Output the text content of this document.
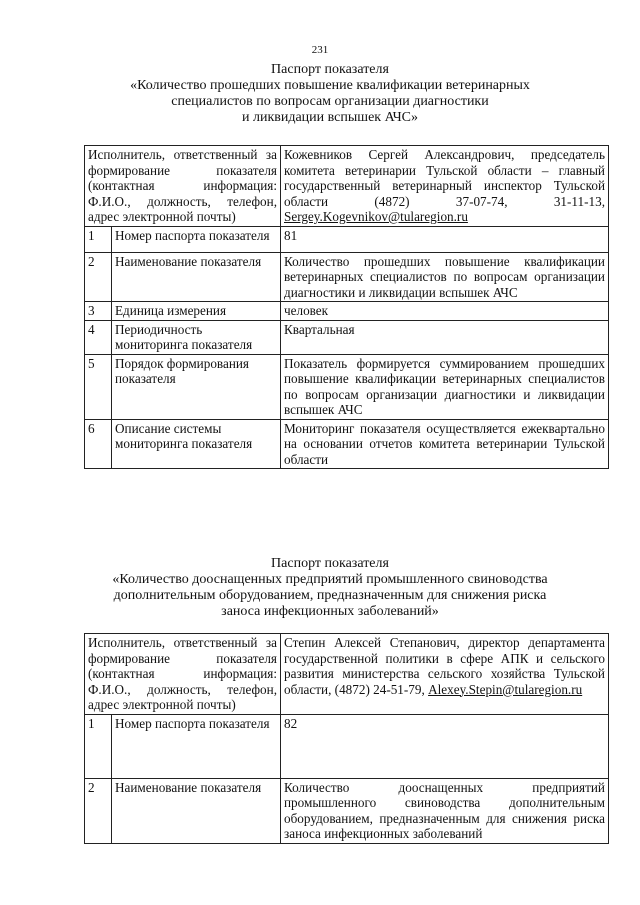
231
Паспорт показателя
«Количество прошедших повышение квалификации ветеринарных
специалистов по вопросам организации диагностики
и ликвидации вспышек АЧС»
Исполнитель, ответственный за формирование показателя (контактная информация: Ф.И.О., должность, телефон, адрес электронной почты)		Кожевников Сергей Александрович, председатель комитета ветеринарии Тульской области – главный государственный ветеринарный инспектор Тульской области (4872) 37-07-74, 31-11-13, Sergey.Kogevnikov@tularegion.ru
1	Номер паспорта показателя	81
2	Наименование показателя	Количество прошедших повышение квалификации ветеринарных специалистов по вопросам организации диагностики и ликвидации вспышек АЧС
3	Единица измерения	человек
4	Периодичность мониторинга показателя	Квартальная
5	Порядок формирования показателя	Показатель формируется суммированием прошедших повышение квалификации ветеринарных специалистов по вопросам организации диагностики и ликвидации вспышек АЧС
6	Описание системы мониторинга показателя	Мониторинг показателя осуществляется ежеквартально на основании отчетов комитета ветеринарии Тульской области
Паспорт показателя
«Количество дооснащенных предприятий промышленного свиноводства
дополнительным оборудованием, предназначенным для снижения риска
заноса инфекционных заболеваний»
Исполнитель, ответственный за формирование показателя (контактная информация: Ф.И.О., должность, телефон, адрес электронной почты)		Степин Алексей Степанович, директор департамента государственной политики в сфере АПК и сельского развития министерства сельского хозяйства Тульской области, (4872) 24-51-79, Alexey.Stepin@tularegion.ru
1	Номер паспорта показателя	82
2	Наименование показателя	Количество дооснащенных предприятий промышленного свиноводства дополнительным оборудованием, предназначенным для снижения риска заноса инфекционных заболеваний
